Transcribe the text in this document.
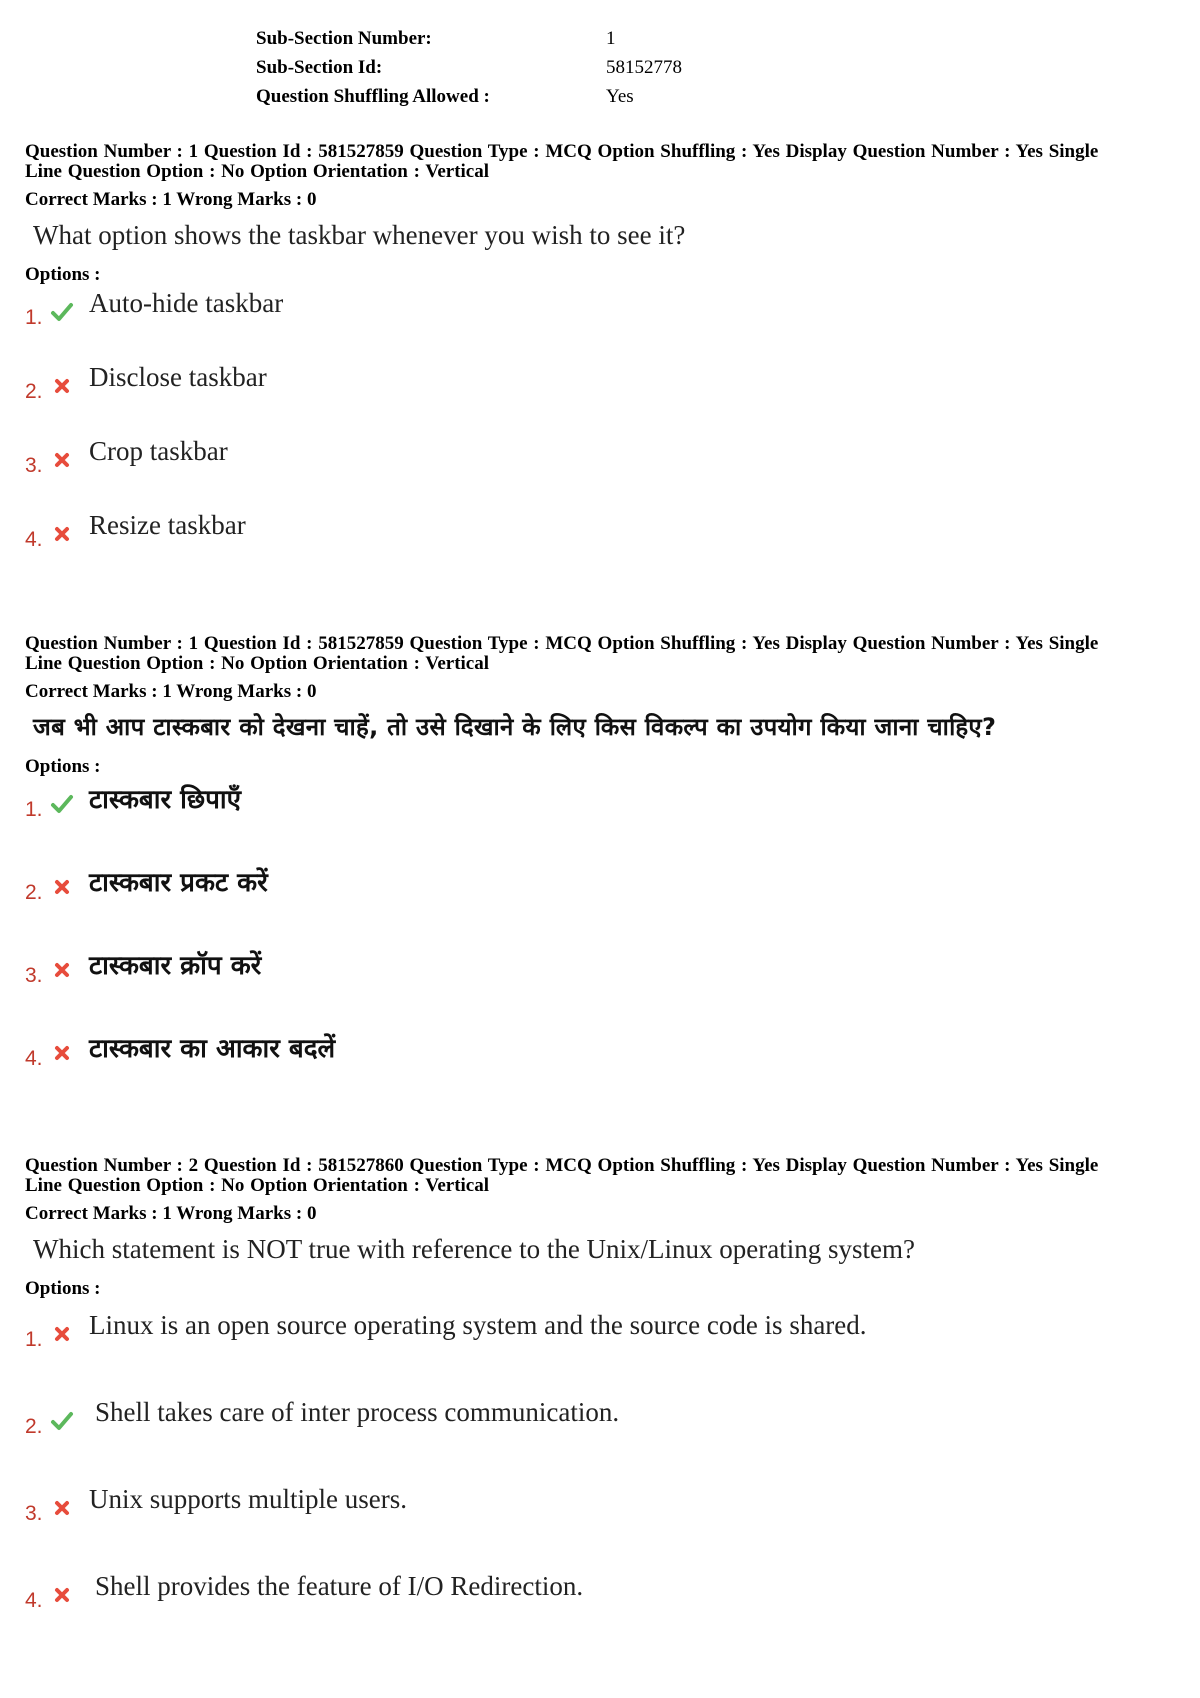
Sub-Section Number:	1
Sub-Section Id:	58152778
Question Shuffling Allowed :	Yes
Question Number : 1 Question Id : 581527859 Question Type : MCQ Option Shuffling : Yes Display Question Number : Yes Single
Line Question Option : No Option Orientation : Vertical
Correct Marks : 1 Wrong Marks : 0
What option shows the taskbar whenever you wish to see it?
Options :
1. Auto-hide taskbar
2. Disclose taskbar
3. Crop taskbar
4. Resize taskbar
Question Number : 1 Question Id : 581527859 Question Type : MCQ Option Shuffling : Yes Display Question Number : Yes Single
Line Question Option : No Option Orientation : Vertical
Correct Marks : 1 Wrong Marks : 0
जब भी आप टास्कबार को देखना चाहें, तो उसे दिखाने के लिए किस विकल्प का उपयोग किया जाना चाहिए?
Options :
1. टास्कबार छिपाएँ
2. टास्कबार प्रकट करें
3. टास्कबार क्रॉप करें
4. टास्कबार का आकार बदलें
Question Number : 2 Question Id : 581527860 Question Type : MCQ Option Shuffling : Yes Display Question Number : Yes Single
Line Question Option : No Option Orientation : Vertical
Correct Marks : 1 Wrong Marks : 0
Which statement is NOT true with reference to the Unix/Linux operating system?
Options :
1. Linux is an open source operating system and the source code is shared.
2. Shell takes care of inter process communication.
3. Unix supports multiple users.
4. Shell provides the feature of I/O Redirection.
